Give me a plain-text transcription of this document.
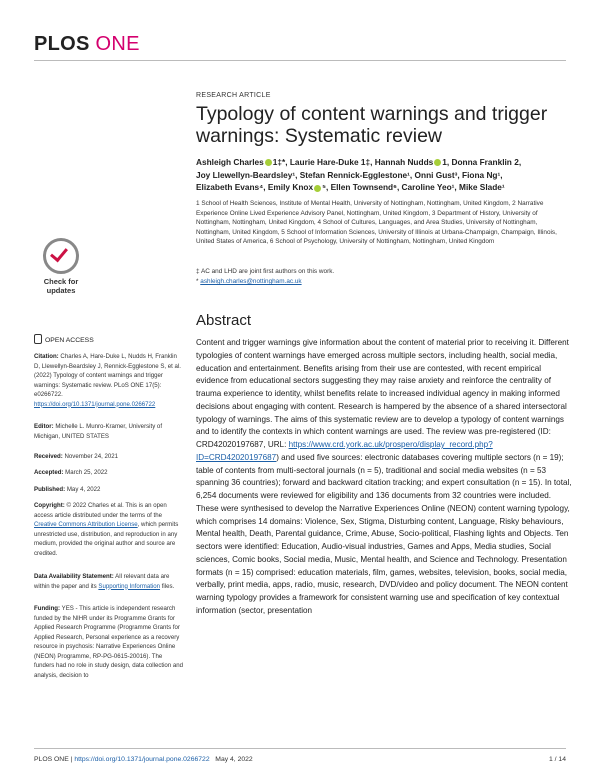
PLOS ONE
RESEARCH ARTICLE
Typology of content warnings and trigger warnings: Systematic review
Ashleigh Charles 1‡*, Laurie Hare-Duke 1‡, Hannah Nudds 1, Donna Franklin 2,
Joy Llewellyn-Beardsley¹, Stefan Rennick-Egglestone¹, Onni Gust³, Fiona Ng¹,
Elizabeth Evans⁴, Emily Knox ⁵, Ellen Townsend⁶, Caroline Yeo¹, Mike Slade¹
1 School of Health Sciences, Institute of Mental Health, University of Nottingham, Nottingham, United Kingdom, 2 Narrative Experience Online Lived Experience Advisory Panel, Nottingham, United Kingdom, 3 Department of History, University of Nottingham, Nottingham, United Kingdom, 4 School of Cultures, Languages, and Area Studies, University of Nottingham, Nottingham, United Kingdom, 5 School of Information Sciences, University of Illinois at Urbana-Champaign, Champaign, Illinois, United States of America, 6 School of Psychology, University of Nottingham, Nottingham, United Kingdom
‡ AC and LHD are joint first authors on this work.
* ashleigh.charles@nottingham.ac.uk
Check for
updates
OPEN ACCESS
Citation: Charles A, Hare-Duke L, Nudds H, Franklin D, Llewellyn-Beardsley J, Rennick-Egglestone S, et al. (2022) Typology of content warnings and trigger warnings: Systematic review. PLoS ONE 17(5): e0266722. https://doi.org/10.1371/journal.pone.0266722
Editor: Michelle L. Munro-Kramer, University of Michigan, UNITED STATES
Received: November 24, 2021
Accepted: March 25, 2022
Published: May 4, 2022
Copyright: © 2022 Charles et al. This is an open access article distributed under the terms of the Creative Commons Attribution License, which permits unrestricted use, distribution, and reproduction in any medium, provided the original author and source are credited.
Data Availability Statement: All relevant data are within the paper and its Supporting Information files.
Funding: YES - This article is independent research funded by the NIHR under its Programme Grants for Applied Research Programme (Programme Grants for Applied Research, Personal experience as a recovery resource in psychosis: Narrative Experiences Online (NEON) Programme, RP-PG-0615-20016). The funders had no role in study design, data collection and analysis, decision to
Abstract
Content and trigger warnings give information about the content of material prior to receiving it. Different typologies of content warnings have emerged across multiple sectors, including health, social media, education and entertainment. Benefits arising from their use are contested, with recent empirical evidence from educational sectors suggesting they may raise anxiety and reinforce the centrality of trauma experience to identity, whilst benefits relate to increased individual agency in making informed decisions about engaging with content. Research is hampered by the absence of a shared intersectoral typology of warnings. The aims of this systematic review are to develop a typology of content warnings and to identify the contexts in which content warnings are used. The review was pre-registered (ID: CRD42020197687, URL: https://www.crd.york.ac.uk/prospero/display_record.php?ID=CRD42020197687) and used five sources: electronic databases covering multiple sectors (n = 19); table of contents from multi-sectoral journals (n = 5), traditional and social media websites (n = 53 spanning 36 countries); forward and backward citation tracking; and expert consultation (n = 15). In total, 6,254 documents were reviewed for eligibility and 136 documents from 32 countries were included. These were synthesised to develop the Narrative Experiences Online (NEON) content warning typology, which comprises 14 domains: Violence, Sex, Stigma, Disturbing content, Language, Risky behaviours, Mental health, Death, Parental guidance, Crime, Abuse, Socio-political, Flashing lights and Objects. Ten sectors were identified: Education, Audio-visual industries, Games and Apps, Media studies, Social sciences, Comic books, Social media, Music, Mental health, and Science and Technology. Presentation formats (n = 15) comprised: education materials, film, games, websites, television, books, social media, verbally, print media, apps, radio, music, research, DVD/video and policy document. The NEON content warning typology provides a framework for consistent warning use and specification of key contextual information (sector, presentation
PLOS ONE | https://doi.org/10.1371/journal.pone.0266722 May 4, 2022	1 / 14
